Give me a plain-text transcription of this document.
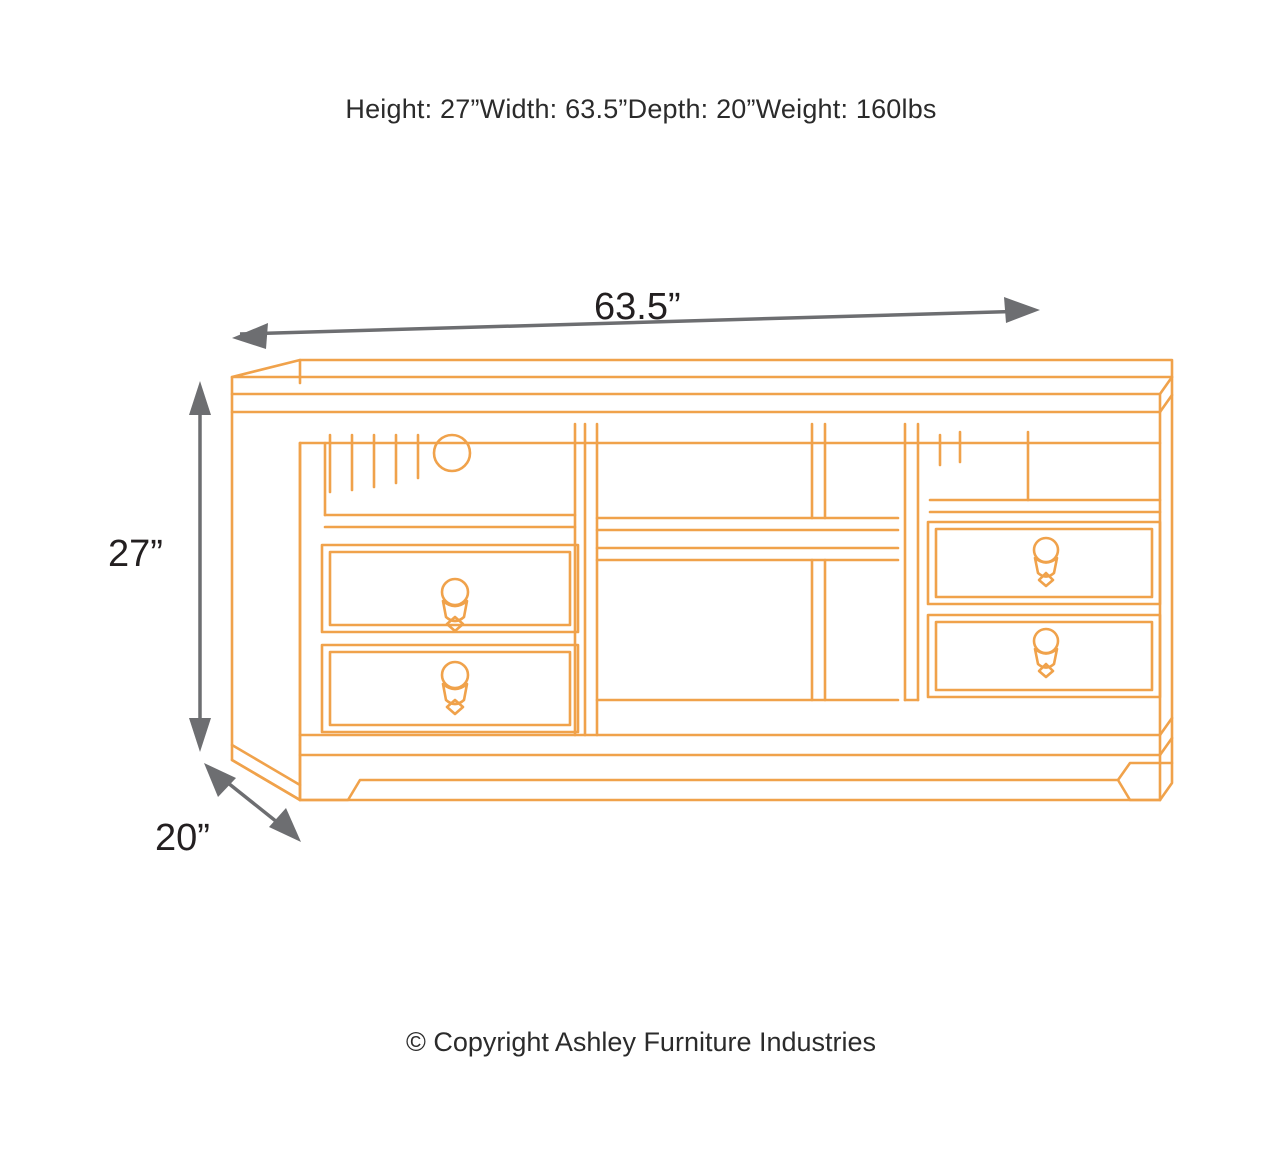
Height: 27”Width: 63.5”Depth: 20”Weight: 160lbs
63.5”
27”
20”
© Copyright Ashley Furniture Industries
